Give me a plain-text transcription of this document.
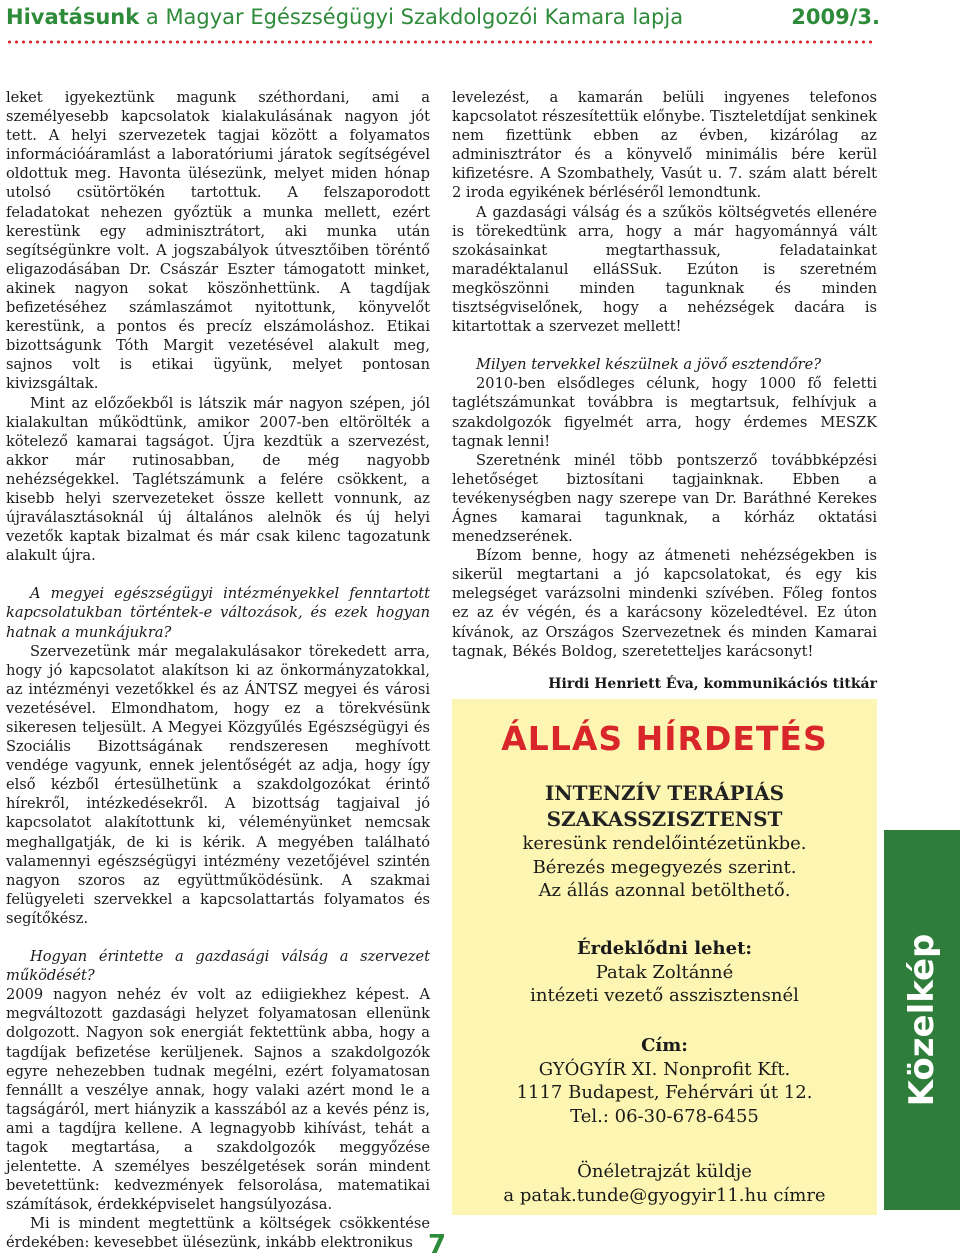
Hivatásunk a Magyar Egészségügyi Szakdolgozói Kamara lapja	2009/3.

leket igyekeztünk magunk széthordani, ami a személyesebb kapcsolatok kialakulásának nagyon jót tett. A helyi szervezetek tagjai között a folyamatos információáramlást a laboratóriumi járatok segítségével oldottuk meg. Havonta ülésezünk, melyet miden hónap utolsó csütörtökén tartottuk. A felszaporodott feladatokat nehezen győztük a munka mellett, ezért kerestünk egy adminisztrátort, aki munka után segítségünkre volt. A jogszabályok útvesztőiben töréntő eligazodásában Dr. Császár Eszter támogatott minket, akinek nagyon sokat köszönhettünk. A tagdíjak befizetéséhez számlaszámot nyitottunk, könyvelőt kerestünk, a pontos és precíz elszámoláshoz. Etikai bizottságunk Tóth Margit vezetésével alakult meg, sajnos volt is etikai ügyünk, melyet pontosan kivizsgáltak.

Mint az előzőekből is látszik már nagyon szépen, jól kialakultan működtünk, amikor 2007-ben eltörölték a kötelező kamarai tagságot. Újra kezdtük a szervezést, akkor már rutinosabban, de még nagyobb nehézségekkel. Taglétszámunk a felére csökkent, a kisebb helyi szervezeteket össze kellett vonnunk, az újraválasztásoknál új általános alelnök és új helyi vezetők kaptak bizalmat és már csak kilenc tagozatunk alakult újra.

A megyei egészségügyi intézményekkel fenntartott kapcsolatukban történtek-e változások, és ezek hogyan hatnak a munkájukra?

Szervezetünk már megalakulásakor törekedett arra, hogy jó kapcsolatot alakítson ki az önkormányzatokkal, az intézményi vezetőkkel és az ÁNTSZ megyei és városi vezetésével. Elmondhatom, hogy ez a törekvésünk sikeresen teljesült. A Megyei Közgyűlés Egészségügyi és Szociális Bizottságának rendszeresen meghívott vendége vagyunk, ennek jelentőségét az adja, hogy így első kézből értesülhetünk a szakdolgozókat érintő hírekről, intézkedésekről. A bizottság tagjaival jó kapcsolatot alakítottunk ki, véleményünket nemcsak meghallgatják, de ki is kérik. A megyében található valamennyi egészségügyi intézmény vezetőjével szintén nagyon szoros az együttműködésünk. A szakmai felügyeleti szervekkel a kapcsolattartás folyamatos és segítőkész.

Hogyan érintette a gazdasági válság a szervezet működését?

2009 nagyon nehéz év volt az ediigiekhez képest. A megváltozott gazdasági helyzet folyamatosan ellenünk dolgozott. Nagyon sok energiát fektettünk abba, hogy a tagdíjak befizetése kerüljenek. Sajnos a szakdolgozók egyre nehezebben tudnak megélni, ezért folyamatosan fennállt a veszélye annak, hogy valaki azért mond le a tagságáról, mert hiányzik a kasszából az a kevés pénz is, ami a tagdíjra kellene. A legnagyobb kihívást, tehát a tagok megtartása, a szakdolgozók meggyőzése jelentette. A személyes beszélgetések során mindent bevetettünk: kedvezmények felsorolása, matematikai számítások, érdekképviselet hangsúlyozása.

Mi is mindent megtettünk a költségek csökkentése érdekében: kevesebbet ülésezünk, inkább elektronikus

levelezést, a kamarán belüli ingyenes telefonos kapcsolatot részesítettük előnybe. Tiszteletdíjat senkinek nem fizettünk ebben az évben, kizárólag az adminisztrátor és a könyvelő minimális bére kerül kifizetésre. A Szombathely, Vasút u. 7. szám alatt bérelt 2 iroda egyikének bérléséről lemondtunk.

A gazdasági válság és a szűkös költségvetés ellenére is törekedtünk arra, hogy a már hagyománnyá vált szokásainkat megtarthassuk, feladatainkat maradéktalanul elláSSuk. Ezúton is szeretném megköszönni minden tagunknak és minden tisztségviselőnek, hogy a nehézségek dacára is kitartottak a szervezet mellett!

Milyen tervekkel készülnek a jövő esztendőre?

2010-ben elsődleges célunk, hogy 1000 fő feletti taglétszámunkat továbbra is megtartsuk, felhívjuk a szakdolgozók figyelmét arra, hogy érdemes MESZK tagnak lenni!

Szeretnénk minél több pontszerző továbbképzési lehetőséget biztosítani tagjainknak. Ebben a tevékenységben nagy szerepe van Dr. Baráthné Kerekes Ágnes kamarai tagunknak, a kórház oktatási menedzserének.

Bízom benne, hogy az átmeneti nehézségekben is sikerül megtartani a jó kapcsolatokat, és egy kis melegséget varázsolni mindenki szívében. Főleg fontos ez az év végén, és a karácsony közeledtével. Ez úton kívánok, az Országos Szervezetnek és minden Kamarai tagnak, Békés Boldog, szeretetteljes karácsonyt!

Hirdi Henriett Éva, kommunikációs titkár
ÁLLÁS HÍRDETÉS
INTENZÍV TERÁPIÁS
SZAKASSZISZTENST
keresünk rendelőintézetünkbe.
Bérezés megegyezés szerint.
Az állás azonnal betölthető.
Érdeklődni lehet:
Patak Zoltánné
intézeti vezető asszisztensnél
Cím:
GYÓGYÍR XI. Nonprofit Kft.
1117 Budapest, Fehérvári út 12.
Tel.: 06-30-678-6455
Önéletrajzát küldje
a patak.tunde@gyogyir11.hu címre
Közelkép
7
